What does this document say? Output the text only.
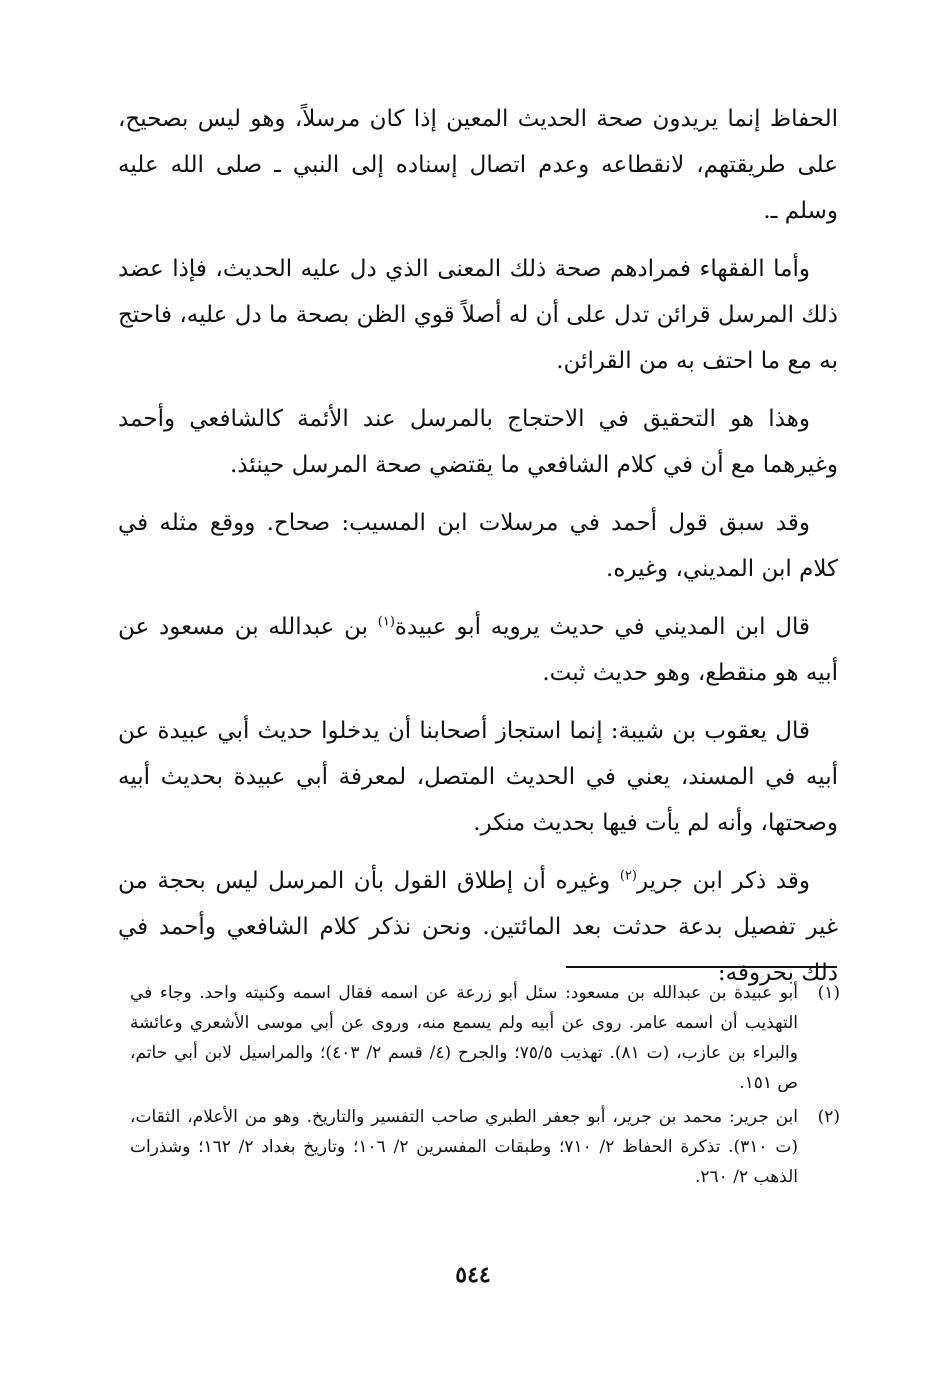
الحفاظ إنما يريدون صحة الحديث المعين إذا كان مرسلاً، وهو ليس بصحيح، على طريقتهم، لانقطاعه وعدم اتصال إسناده إلى النبي ـ صلى الله عليه وسلم ـ.

وأما الفقهاء فمرادهم صحة ذلك المعنى الذي دل عليه الحديث، فإذا عضد ذلك المرسل قرائن تدل على أن له أصلاً قوي الظن بصحة ما دل عليه، فاحتج به مع ما احتف به من القرائن.

وهذا هو التحقيق في الاحتجاج بالمرسل عند الأئمة كالشافعي وأحمد وغيرهما مع أن في كلام الشافعي ما يقتضي صحة المرسل حينئذ.

وقد سبق قول أحمد في مرسلات ابن المسيب: صحاح. ووقع مثله في كلام ابن المديني، وغيره.

قال ابن المديني في حديث يرويه أبو عبيدة$^{(١)}$ بن عبدالله بن مسعود عن أبيه هو منقطع، وهو حديث ثبت.

قال يعقوب بن شيبة: إنما استجاز أصحابنا أن يدخلوا حديث أبي عبيدة عن أبيه في المسند، يعني في الحديث المتصل، لمعرفة أبي عبيدة بحديث أبيه وصحتها، وأنه لم يأت فيها بحديث منكر.

وقد ذكر ابن جرير$^{(٢)}$ وغيره أن إطلاق القول بأن المرسل ليس بحجة من غير تفصيل بدعة حدثت بعد المائتين. ونحن نذكر كلام الشافعي وأحمد في ذلك بحروفه:

(١)
أبو عبيدة بن عبدالله بن مسعود: سئل أبو زرعة عن اسمه فقال اسمه وكنيته واحد. وجاء في التهذيب أن اسمه عامر. روى عن أبيه ولم يسمع منه، وروى عن أبي موسى الأشعري وعائشة والبراء بن عازب، (ت ٨١). تهذيب ٧٥/٥؛ والجرح (٤/ قسم ٢/ ٤٠٣)؛ والمراسيل لابن أبي حاتم، ص ١٥١.

(٢)
ابن جرير: محمد بن جرير، أبو جعفر الطبري صاحب التفسير والتاريخ. وهو من الأعلام، الثقات، (ت ٣١٠). تذكرة الحفاظ ٢/ ٧١٠؛ وطبقات المفسرين ٢/ ١٠٦؛ وتاريخ بغداد ٢/ ١٦٢؛ وشذرات الذهب ٢/ ٢٦٠.

٥٤٤
